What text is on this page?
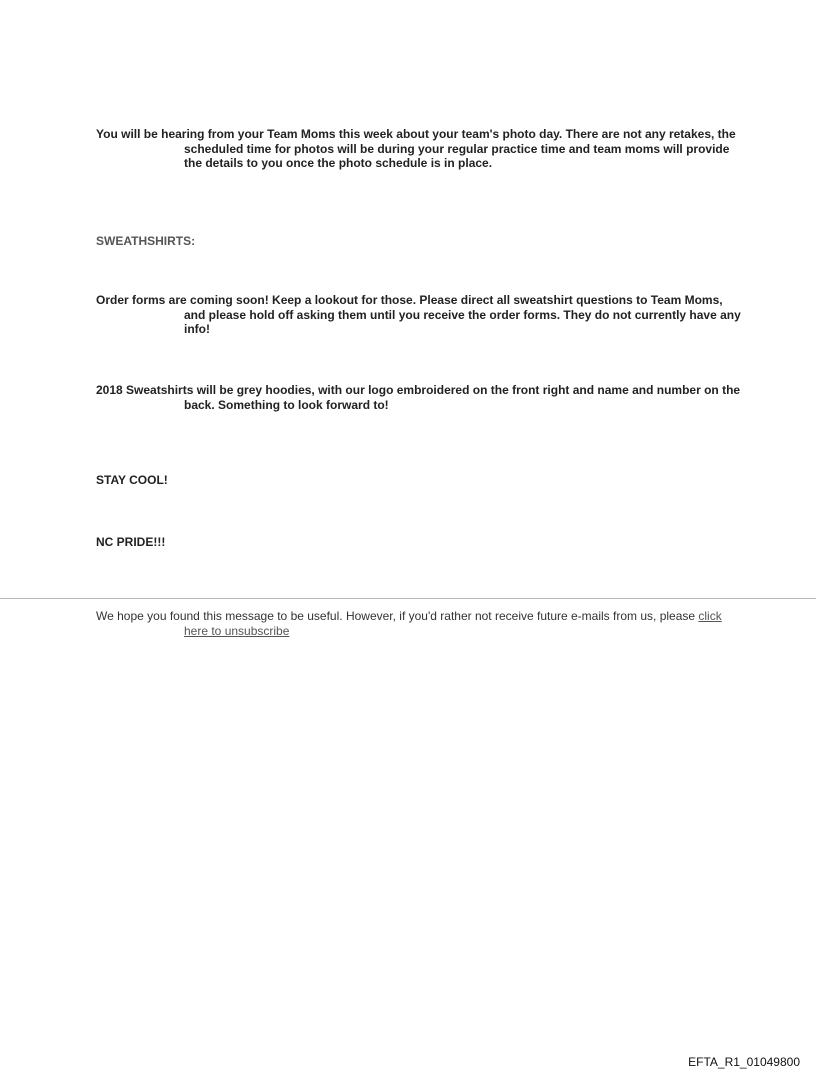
You will be hearing from your Team Moms this week about your team's photo day. There are not any retakes, the scheduled time for photos will be during your regular practice time and team moms will provide the details to you once the photo schedule is in place.

SWEATHSHIRTS:

Order forms are coming soon! Keep a lookout for those. Please direct all sweatshirt questions to Team Moms, and please hold off asking them until you receive the order forms. They do not currently have any info!

2018 Sweatshirts will be grey hoodies, with our logo embroidered on the front right and name and number on the back. Something to look forward to!

STAY COOL!

NC PRIDE!!!

We hope you found this message to be useful. However, if you'd rather not receive future e-mails from us, please click here to unsubscribe

EFTA_R1_01049800
